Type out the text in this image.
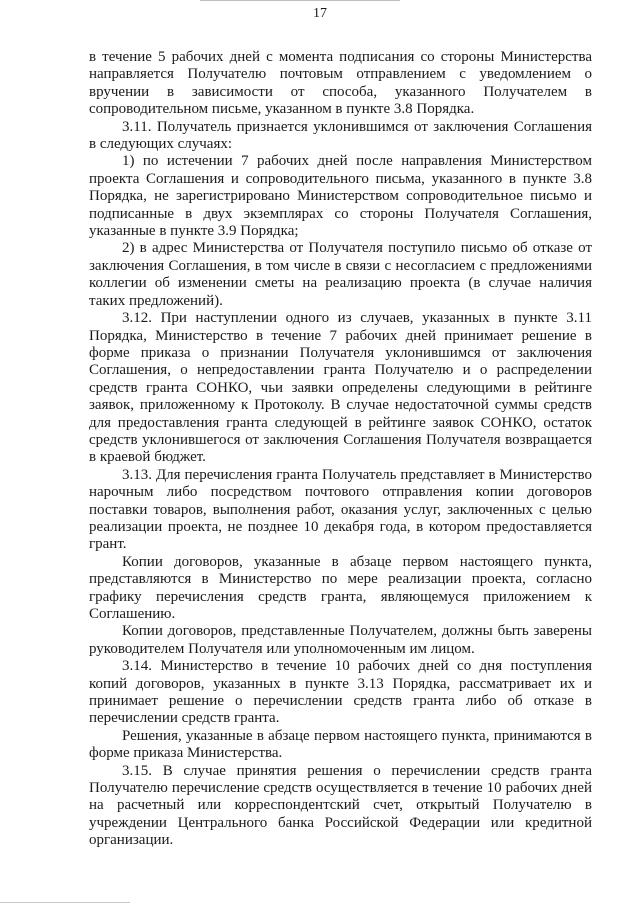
17

в течение 5 рабочих дней с момента подписания со стороны Министерства направляется Получателю почтовым отправлением с уведомлением о вручении в зависимости от способа, указанного Получателем в сопроводительном письме, указанном в пункте 3.8 Порядка.

3.11. Получатель признается уклонившимся от заключения Соглашения в следующих случаях:

1) по истечении 7 рабочих дней после направления Министерством проекта Соглашения и сопроводительного письма, указанного в пункте 3.8 Порядка, не зарегистрировано Министерством сопроводительное письмо и подписанные в двух экземплярах со стороны Получателя Соглашения, указанные в пункте 3.9 Порядка;

2) в адрес Министерства от Получателя поступило письмо об отказе от заключения Соглашения, в том числе в связи с несогласием с предложениями коллегии об изменении сметы на реализацию проекта (в случае наличия таких предложений).

3.12. При наступлении одного из случаев, указанных в пункте 3.11 Порядка, Министерство в течение 7 рабочих дней принимает решение в форме приказа о признании Получателя уклонившимся от заключения Соглашения, о непредоставлении гранта Получателю и о распределении средств гранта СОНКО, чьи заявки определены следующими в рейтинге заявок, приложенному к Протоколу. В случае недостаточной суммы средств для предоставления гранта следующей в рейтинге заявок СОНКО, остаток средств уклонившегося от заключения Соглашения Получателя возвращается в краевой бюджет.

3.13. Для перечисления гранта Получатель представляет в Министерство нарочным либо посредством почтового отправления копии договоров поставки товаров, выполнения работ, оказания услуг, заключенных с целью реализации проекта, не позднее 10 декабря года, в котором предоставляется грант.

Копии договоров, указанные в абзаце первом настоящего пункта, представляются в Министерство по мере реализации проекта, согласно графику перечисления средств гранта, являющемуся приложением к Соглашению.

Копии договоров, представленные Получателем, должны быть заверены руководителем Получателя или уполномоченным им лицом.

3.14. Министерство в течение 10 рабочих дней со дня поступления копий договоров, указанных в пункте 3.13 Порядка, рассматривает их и принимает решение о перечислении средств гранта либо об отказе в перечислении средств гранта.

Решения, указанные в абзаце первом настоящего пункта, принимаются в форме приказа Министерства.

3.15. В случае принятия решения о перечислении средств гранта Получателю перечисление средств осуществляется в течение 10 рабочих дней на расчетный или корреспондентский счет, открытый Получателю в учреждении Центрального банка Российской Федерации или кредитной организации.
